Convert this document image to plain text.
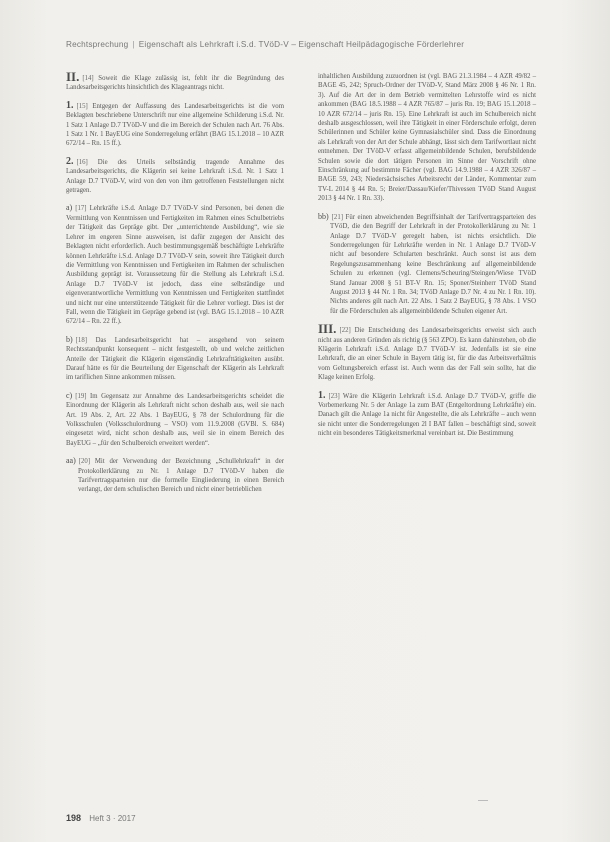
Rechtsprechung | Eigenschaft als Lehrkraft i.S.d. TVöD-V – Eigenschaft Heilpädagogische Förderlehrer
II. [14] Soweit die Klage zulässig ist, fehlt ihr die Begründung des Landesarbeitsgerichts hinsichtlich des Klageantrags nicht.
1. [15] Entgegen der Auffassung des Landesarbeitsgerichts ist die vom Beklagten beschriebene Unterschrift nur eine allgemeine Schilderung i.S.d. Nr. 1 Satz 1 Anlage D.7 TVöD-V und die im Bereich der Schulen nach Art. 76 Abs. 1 Satz 1 Nr. 1 BayEUG eine Sonderregelung erfährt (BAG 15.1.2018 – 10 AZR 672/14 – Rn. 15 ff.).
2. [16] Die des Urteils selbständig tragende Annahme des Landesarbeitsgerichts, die Klägerin sei keine Lehrkraft i.S.d. Nr. 1 Satz 1 Anlage D.7 TVöD-V, wird von den von ihm getroffenen Feststellungen nicht getragen.
a) [17] Lehrkräfte i.S.d. Anlage D.7 TVöD-V sind Personen, bei denen die Vermittlung von Kenntnissen und Fertigkeiten im Rahmen eines Schulbetriebs der Tätigkeit das Gepräge gibt. Der „unterrichtende Ausbildung“, wie sie Lehrer im engeren Sinne ausweisen, ist dafür zugegen der Ansicht des Beklagten nicht erforderlich. Auch bestimmungsgemäß beschäftigte Lehrkräfte können Lehrkräfte i.S.d. Anlage D.7 TVöD-V sein, soweit ihre Tätigkeit durch die Vermittlung von Kenntnissen und Fertigkeiten im Rahmen der schulischen Ausbildung geprägt ist. Voraussetzung für die Stellung als Lehrkraft i.S.d. Anlage D.7 TVöD-V ist jedoch, dass eine selbständige und eigenverantwortliche Vermittlung von Kenntnissen und Fertigkeiten stattfindet und nicht nur eine unterstützende Tätigkeit für die Lehrer vorliegt. Dies ist der Fall, wenn die Tätigkeit im Gepräge gebend ist (vgl. BAG 15.1.2018 – 10 AZR 672/14 – Rn. 22 ff.).
b) [18] Das Landesarbeitsgericht hat – ausgehend von seinem Rechtsstandpunkt konsequent – nicht festgestellt, ob und welche zeitlichen Anteile der Tätigkeit die Klägerin eigenständig Lehrkrafttätigkeiten ausübt. Darauf hätte es für die Beurteilung der Eigenschaft der Klägerin als Lehrkraft im tariflichen Sinne ankommen müssen.
c) [19] Im Gegensatz zur Annahme des Landesarbeitsgerichts scheidet die Einordnung der Klägerin als Lehrkraft nicht schon deshalb aus, weil sie nach Art. 19 Abs. 2, Art. 22 Abs. 1 BayEUG, § 78 der Schulordnung für die Volksschulen (Volksschulordnung – VSO) vom 11.9.2008 (GVBl. S. 684) eingesetzt wird, nicht schon deshalb aus, weil sie in einem Bereich des BayEUG – „für den Schulbereich erweitert werden“.
aa) [20] Mit der Verwendung der Bezeichnung „Schullehrkraft“ in der Protokollerklärung zu Nr. 1 Anlage D.7 TVöD-V haben die Tarifvertragsparteien nur die formelle Eingliederung in einen Bereich verlangt, der dem schulischen Bereich und nicht einer betrieblichen
inhaltlichen Ausbildung zuzuordnen ist (vgl. BAG 21.3.1984 – 4 AZR 49/82 – BAGE 45, 242; Spruch-Ordner der TVöD-V, Stand März 2008 § 46 Nr. 1 Rn. 3). Auf die Art der in dem Betrieb vermittelten Lehrstoffe wird es nicht ankommen (BAG 18.5.1988 – 4 AZR 765/87 – juris Rn. 19; BAG 15.1.2018 – 10 AZR 672/14 – juris Rn. 15). Eine Lehrkraft ist auch im Schulbereich nicht deshalb ausgeschlossen, weil ihre Tätigkeit in einer Förderschule erfolgt, deren Schülerinnen und Schüler keine Gymnasialschüler sind. Dass die Einordnung als Lehrkraft von der Art der Schule abhängt, lässt sich dem Tarifwortlaut nicht entnehmen. Der TVöD-V erfasst allgemeinbildende Schulen, berufsbildende Schulen sowie die dort tätigen Personen im Sinne der Vorschrift ohne Einschränkung auf bestimmte Fächer (vgl. BAG 14.9.1988 – 4 AZR 326/87 – BAGE 59, 243; Niedersächsisches Arbeitsrecht der Länder, Kommentar zum TV-L 2014 § 44 Rn. 5; Breier/Dassau/Kiefer/Thivessen TVöD Stand August 2013 § 44 Nr. 1 Rn. 33).
bb) [21] Für einen abweichenden Begriffsinhalt der Tarifvertragsparteien des TVöD, die den Begriff der Lehrkraft in der Protokollerklärung zu Nr. 1 Anlage D.7 TVöD-V geregelt haben, ist nichts ersichtlich. Die Sonderregelungen für Lehrkräfte werden in Nr. 1 Anlage D.7 TVöD-V nicht auf besondere Schularten beschränkt. Auch sonst ist aus dem Regelungszusammenhang keine Beschränkung auf allgemeinbildende Schulen zu erkennen (vgl. Clemens/Scheuring/Steingen/Wiese TVöD Stand Januar 2008 § 51 BT-V Rn. 15; Sponer/Steinherr TVöD Stand August 2013 § 44 Nr. 1 Rn. 34; TVöD Anlage D.7 Nr. 4 zu Nr. 1 Rn. 10). Nichts anderes gilt nach Art. 22 Abs. 1 Satz 2 BayEUG, § 78 Abs. 1 VSO für die Förderschulen als allgemeinbildende Schulen eigener Art.
III. [22] Die Entscheidung des Landesarbeitsgerichts erweist sich auch nicht aus anderen Gründen als richtig (§ 563 ZPO). Es kann dahinstehen, ob die Klägerin Lehrkraft i.S.d. Anlage D.7 TVöD-V ist. Jedenfalls ist sie eine Lehrkraft, die an einer Schule in Bayern tätig ist, für die das Arbeitsverhältnis vom Geltungsbereich erfasst ist. Auch wenn das der Fall sein sollte, hat die Klage keinen Erfolg.
1. [23] Wäre die Klägerin Lehrkraft i.S.d. Anlage D.7 TVöD-V, griffe die Vorbemerkung Nr. 5 der Anlage 1a zum BAT (Entgeltordnung Lehrkräfte) ein. Danach gilt die Anlage 1a nicht für Angestellte, die als Lehrkräfte – auch wenn sie nicht unter die Sonderregelungen 2l I BAT fallen – beschäftigt sind, soweit nicht ein besonderes Tätigkeitsmerkmal vereinbart ist. Die Bestimmung
198 Heft 3 · 2017
